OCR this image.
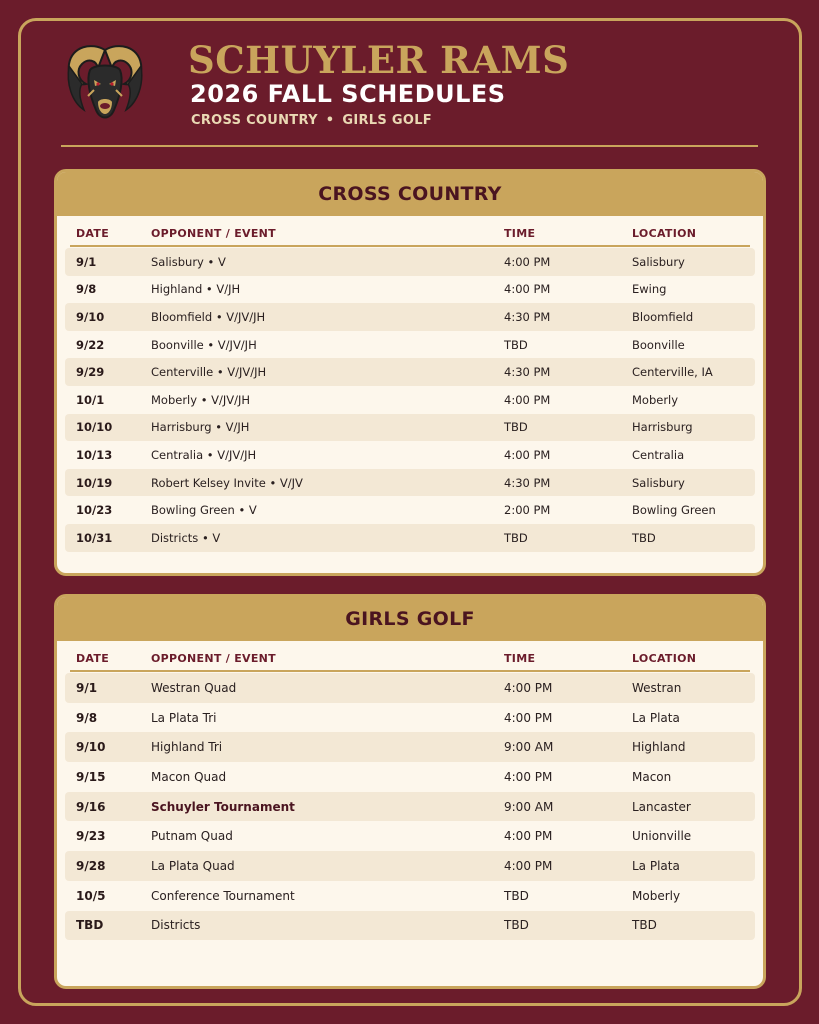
SCHUYLER RAMS
2026 FALL SCHEDULES
CROSS COUNTRY • GIRLS GOLF
CROSS COUNTRY
DATE	OPPONENT / EVENT	TIME	LOCATION
9/1	Salisbury • V	4:00 PM	Salisbury
9/8	Highland • V/JH	4:00 PM	Ewing
9/10	Bloomfield • V/JV/JH	4:30 PM	Bloomfield
9/22	Boonville • V/JV/JH	TBD	Boonville
9/29	Centerville • V/JV/JH	4:30 PM	Centerville, IA
10/1	Moberly • V/JV/JH	4:00 PM	Moberly
10/10	Harrisburg • V/JH	TBD	Harrisburg
10/13	Centralia • V/JV/JH	4:00 PM	Centralia
10/19	Robert Kelsey Invite • V/JV	4:30 PM	Salisbury
10/23	Bowling Green • V	2:00 PM	Bowling Green
10/31	Districts • V	TBD	TBD
GIRLS GOLF
DATE	OPPONENT / EVENT	TIME	LOCATION
9/1	Westran Quad	4:00 PM	Westran
9/8	La Plata Tri	4:00 PM	La Plata
9/10	Highland Tri	9:00 AM	Highland
9/15	Macon Quad	4:00 PM	Macon
9/16	Schuyler Tournament	9:00 AM	Lancaster
9/23	Putnam Quad	4:00 PM	Unionville
9/28	La Plata Quad	4:00 PM	La Plata
10/5	Conference Tournament	TBD	Moberly
TBD	Districts	TBD	TBD
